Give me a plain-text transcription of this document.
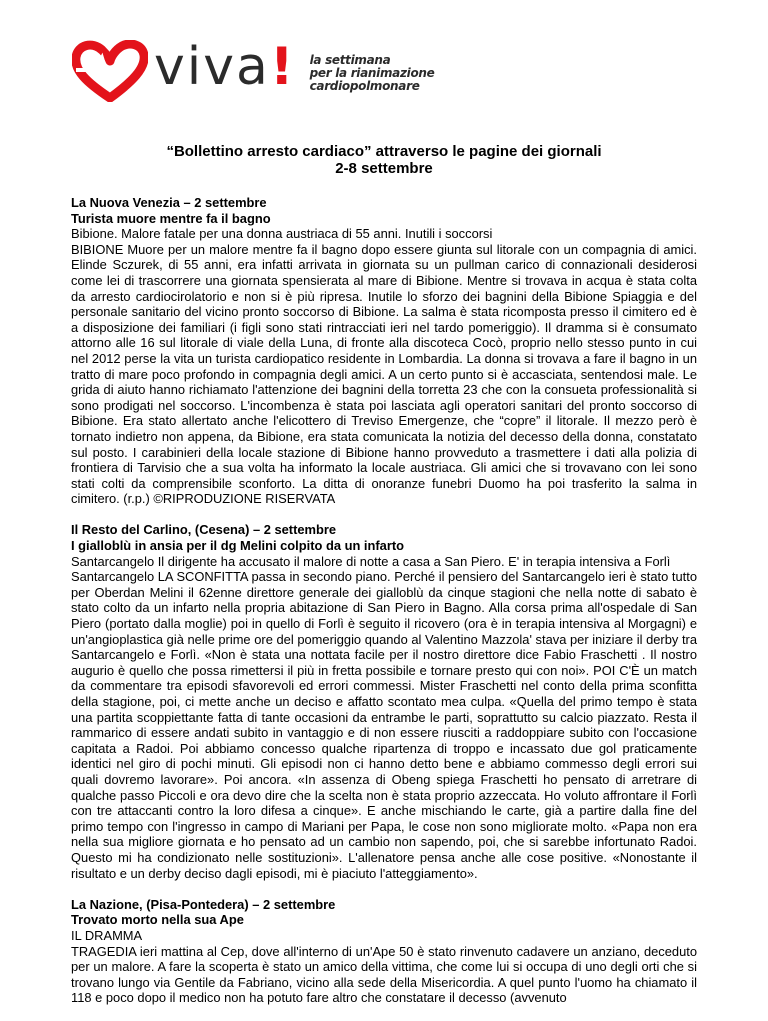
viva! la settimana
per la rianimazione
cardiopolmonare
“Bollettino arresto cardiaco” attraverso le pagine dei giornali
2-8 settembre

La Nuova Venezia – 2 settembre

Turista muore mentre fa il bagno

Bibione. Malore fatale per una donna austriaca di 55 anni. Inutili i soccorsi

BIBIONE Muore per un malore mentre fa il bagno dopo essere giunta sul litorale con un compagnia di amici. Elinde Sczurek, di 55 anni, era infatti arrivata in giornata su un pullman carico di connazionali desiderosi come lei di trascorrere una giornata spensierata al mare di Bibione. Mentre si trovava in acqua è stata colta da arresto cardiocirolatorio e non si è più ripresa. Inutile lo sforzo dei bagnini della Bibione Spiaggia e del personale sanitario del vicino pronto soccorso di Bibione. La salma è stata ricomposta presso il cimitero ed è a disposizione dei familiari (i figli sono stati rintracciati ieri nel tardo pomeriggio). Il dramma si è consumato attorno alle 16 sul litorale di viale della Luna, di fronte alla discoteca Cocò, proprio nello stesso punto in cui nel 2012 perse la vita un turista cardiopatico residente in Lombardia. La donna si trovava a fare il bagno in un tratto di mare poco profondo in compagnia degli amici. A un certo punto si è accasciata, sentendosi male. Le grida di aiuto hanno richiamato l'attenzione dei bagnini della torretta 23 che con la consueta professionalità si sono prodigati nel soccorso. L'incombenza è stata poi lasciata agli operatori sanitari del pronto soccorso di Bibione. Era stato allertato anche l'elicottero di Treviso Emergenze, che “copre” il litorale. Il mezzo però è tornato indietro non appena, da Bibione, era stata comunicata la notizia del decesso della donna, constatato sul posto. I carabinieri della locale stazione di Bibione hanno provveduto a trasmettere i dati alla polizia di frontiera di Tarvisio che a sua volta ha informato la locale austriaca. Gli amici che si trovavano con lei sono stati colti da comprensibile sconforto. La ditta di onoranze funebri Duomo ha poi trasferito la salma in cimitero. (r.p.) ©RIPRODUZIONE RISERVATA

Il Resto del Carlino, (Cesena) – 2 settembre

I gialloblù in ansia per il dg Melini colpito da un infarto

Santarcangelo Il dirigente ha accusato il malore di notte a casa a San Piero. E' in terapia intensiva a Forlì

Santarcangelo LA SCONFITTA passa in secondo piano. Perché il pensiero del Santarcangelo ieri è stato tutto per Oberdan Melini il 62enne direttore generale dei gialloblù da cinque stagioni che nella notte di sabato è stato colto da un infarto nella propria abitazione di San Piero in Bagno. Alla corsa prima all'ospedale di San Piero (portato dalla moglie) poi in quello di Forlì è seguito il ricovero (ora è in terapia intensiva al Morgagni) e un'angioplastica già nelle prime ore del pomeriggio quando al Valentino Mazzola' stava per iniziare il derby tra Santarcangelo e Forlì. «Non è stata una nottata facile per il nostro direttore dice Fabio Fraschetti . Il nostro augurio è quello che possa rimettersi il più in fretta possibile e tornare presto qui con noi». POI C'È un match da commentare tra episodi sfavorevoli ed errori commessi. Mister Fraschetti nel conto della prima sconfitta della stagione, poi, ci mette anche un deciso e affatto scontato mea culpa. «Quella del primo tempo è stata una partita scoppiettante fatta di tante occasioni da entrambe le parti, soprattutto su calcio piazzato. Resta il rammarico di essere andati subito in vantaggio e di non essere riusciti a raddoppiare subito con l'occasione capitata a Radoi. Poi abbiamo concesso qualche ripartenza di troppo e incassato due gol praticamente identici nel giro di pochi minuti. Gli episodi non ci hanno detto bene e abbiamo commesso degli errori sui quali dovremo lavorare». Poi ancora. «In assenza di Obeng spiega Fraschetti ho pensato di arretrare di qualche passo Piccoli e ora devo dire che la scelta non è stata proprio azzeccata. Ho voluto affrontare il Forlì con tre attaccanti contro la loro difesa a cinque». E anche mischiando le carte, già a partire dalla fine del primo tempo con l'ingresso in campo di Mariani per Papa, le cose non sono migliorate molto. «Papa non era nella sua migliore giornata e ho pensato ad un cambio non sapendo, poi, che si sarebbe infortunato Radoi. Questo mi ha condizionato nelle sostituzioni». L'allenatore pensa anche alle cose positive. «Nonostante il risultato e un derby deciso dagli episodi, mi è piaciuto l'atteggiamento».

La Nazione, (Pisa-Pontedera) – 2 settembre

Trovato morto nella sua Ape

IL DRAMMA

TRAGEDIA ieri mattina al Cep, dove all'interno di un'Ape 50 è stato rinvenuto cadavere un anziano, deceduto per un malore. A fare la scoperta è stato un amico della vittima, che come lui si occupa di uno degli orti che si trovano lungo via Gentile da Fabriano, vicino alla sede della Misericordia. A quel punto l'uomo ha chiamato il 118 e poco dopo il medico non ha potuto fare altro che constatare il decesso (avvenuto
